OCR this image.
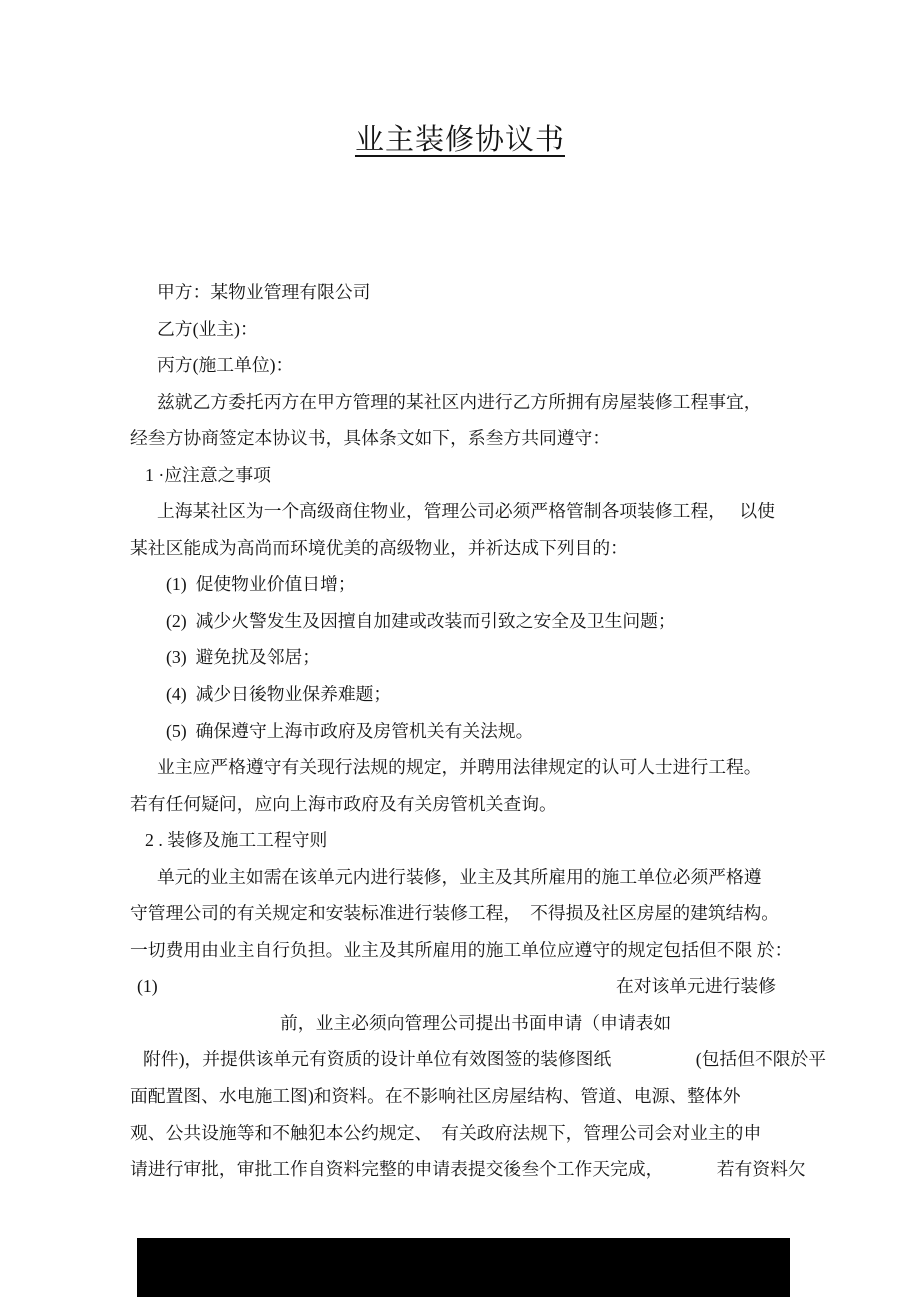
业主装修协议书
甲方：某物业管理有限公司
乙方(业主)：
丙方(施工单位)：
兹就乙方委托丙方在甲方管理的某社区内进行乙方所拥有房屋装修工程事宜，
经叁方协商签定本协议书，具体条文如下，系叁方共同遵守：
1 ·应注意之事项
上海某社区为一个高级商住物业，管理公司必须严格管制各项装修工程，　 以使
某社区能成为高尚而环境优美的高级物业，并祈达成下列目的：
(1)  促使物业价值日增；
(2)  减少火警发生及因擅自加建或改装而引致之安全及卫生问题；
(3)  避免扰及邻居；
(4)  减少日後物业保养难题；
(5)  确保遵守上海市政府及房管机关有关法规。
业主应严格遵守有关现行法规的规定，并聘用法律规定的认可人士进行工程。
若有任何疑问，应向上海市政府及有关房管机关查询。
2 . 装修及施工工程守则
单元的业主如需在该单元内进行装修，业主及其所雇用的施工单位必须严格遵
守管理公司的有关规定和安装标准进行装修工程，　不得损及社区房屋的建筑结构。
一切费用由业主自行负担。业主及其所雇用的施工单位应遵守的规定包括但不限 於：
(1)	在对该单元进行装修
前，业主必须向管理公司提出书面申请（申请表如
附件)，并提供该单元有资质的设计单位有效图签的装修图纸　　　　   (包括但不限於平
面配置图、水电施工图)和资料。在不影响社区房屋结构、管道、电源、整体外
观、公共设施等和不触犯本公约规定、　有关政府法规下，管理公司会对业主的申
请进行审批，审批工作自资料完整的申请表提交後叁个工作天完成，　　　  若有资料欠
